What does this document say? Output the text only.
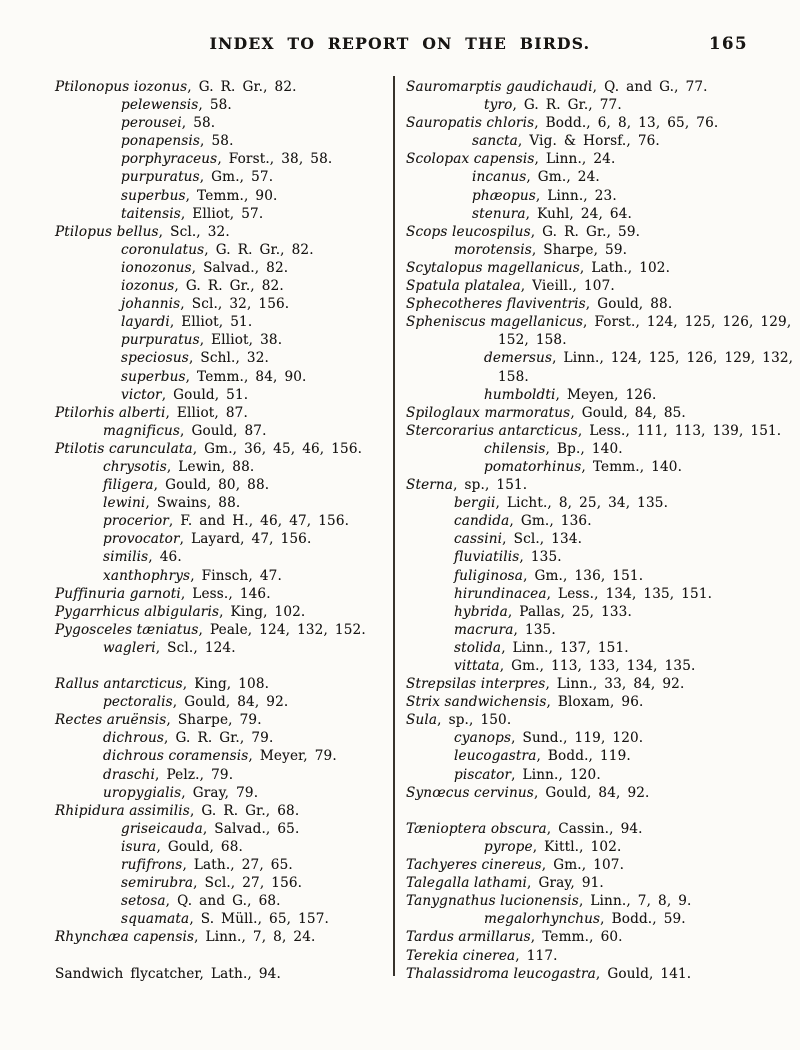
INDEX TO REPORT ON THE BIRDS.	165
Ptilonopus iozonus, G. R. Gr., 82.
pelewensis, 58.
perousei, 58.
ponapensis, 58.
porphyraceus, Forst., 38, 58.
purpuratus, Gm., 57.
superbus, Temm., 90.
taitensis, Elliot, 57.
Ptilopus bellus, Scl., 32.
coronulatus, G. R. Gr., 82.
ionozonus, Salvad., 82.
iozonus, G. R. Gr., 82.
johannis, Scl., 32, 156.
layardi, Elliot, 51.
purpuratus, Elliot, 38.
speciosus, Schl., 32.
superbus, Temm., 84, 90.
victor, Gould, 51.
Ptilorhis alberti, Elliot, 87.
magnificus, Gould, 87.
Ptilotis carunculata, Gm., 36, 45, 46, 156.
chrysotis, Lewin, 88.
filigera, Gould, 80, 88.
lewini, Swains, 88.
procerior, F. and H., 46, 47, 156.
provocator, Layard, 47, 156.
similis, 46.
xanthophrys, Finsch, 47.
Puffinuria garnoti, Less., 146.
Pygarrhicus albigularis, King, 102.
Pygosceles tæniatus, Peale, 124, 132, 152.
wagleri, Scl., 124.
Rallus antarcticus, King, 108.
pectoralis, Gould, 84, 92.
Rectes aruënsis, Sharpe, 79.
dichrous, G. R. Gr., 79.
dichrous coramensis, Meyer, 79.
draschi, Pelz., 79.
uropygialis, Gray, 79.
Rhipidura assimilis, G. R. Gr., 68.
griseicauda, Salvad., 65.
isura, Gould, 68.
rufifrons, Lath., 27, 65.
semirubra, Scl., 27, 156.
setosa, Q. and G., 68.
squamata, S. Müll., 65, 157.
Rhynchæa capensis, Linn., 7, 8, 24.
Sandwich flycatcher, Lath., 94.
Sauromarptis gaudichaudi, Q. and G., 77.
tyro, G. R. Gr., 77.
Sauropatis chloris, Bodd., 6, 8, 13, 65, 76.
sancta, Vig. & Horsf., 76.
Scolopax capensis, Linn., 24.
incanus, Gm., 24.
phæopus, Linn., 23.
stenura, Kuhl, 24, 64.
Scops leucospilus, G. R. Gr., 59.
morotensis, Sharpe, 59.
Scytalopus magellanicus, Lath., 102.
Spatula platalea, Vieill., 107.
Sphecotheres flaviventris, Gould, 88.
Spheniscus magellanicus, Forst., 124, 125, 126, 129,
152, 158.
demersus, Linn., 124, 125, 126, 129, 132,
158.
humboldti, Meyen, 126.
Spiloglaux marmoratus, Gould, 84, 85.
Stercorarius antarcticus, Less., 111, 113, 139, 151.
chilensis, Bp., 140.
pomatorhinus, Temm., 140.
Sterna, sp., 151.
bergii, Licht., 8, 25, 34, 135.
candida, Gm., 136.
cassini, Scl., 134.
fluviatilis, 135.
fuliginosa, Gm., 136, 151.
hirundinacea, Less., 134, 135, 151.
hybrida, Pallas, 25, 133.
macrura, 135.
stolida, Linn., 137, 151.
vittata, Gm., 113, 133, 134, 135.
Strepsilas interpres, Linn., 33, 84, 92.
Strix sandwichensis, Bloxam, 96.
Sula, sp., 150.
cyanops, Sund., 119, 120.
leucogastra, Bodd., 119.
piscator, Linn., 120.
Synœcus cervinus, Gould, 84, 92.
Tænioptera obscura, Cassin., 94.
pyrope, Kittl., 102.
Tachyeres cinereus, Gm., 107.
Talegalla lathami, Gray, 91.
Tanygnathus lucionensis, Linn., 7, 8, 9.
megalorhynchus, Bodd., 59.
Tardus armillarus, Temm., 60.
Terekia cinerea, 117.
Thalassidroma leucogastra, Gould, 141.
